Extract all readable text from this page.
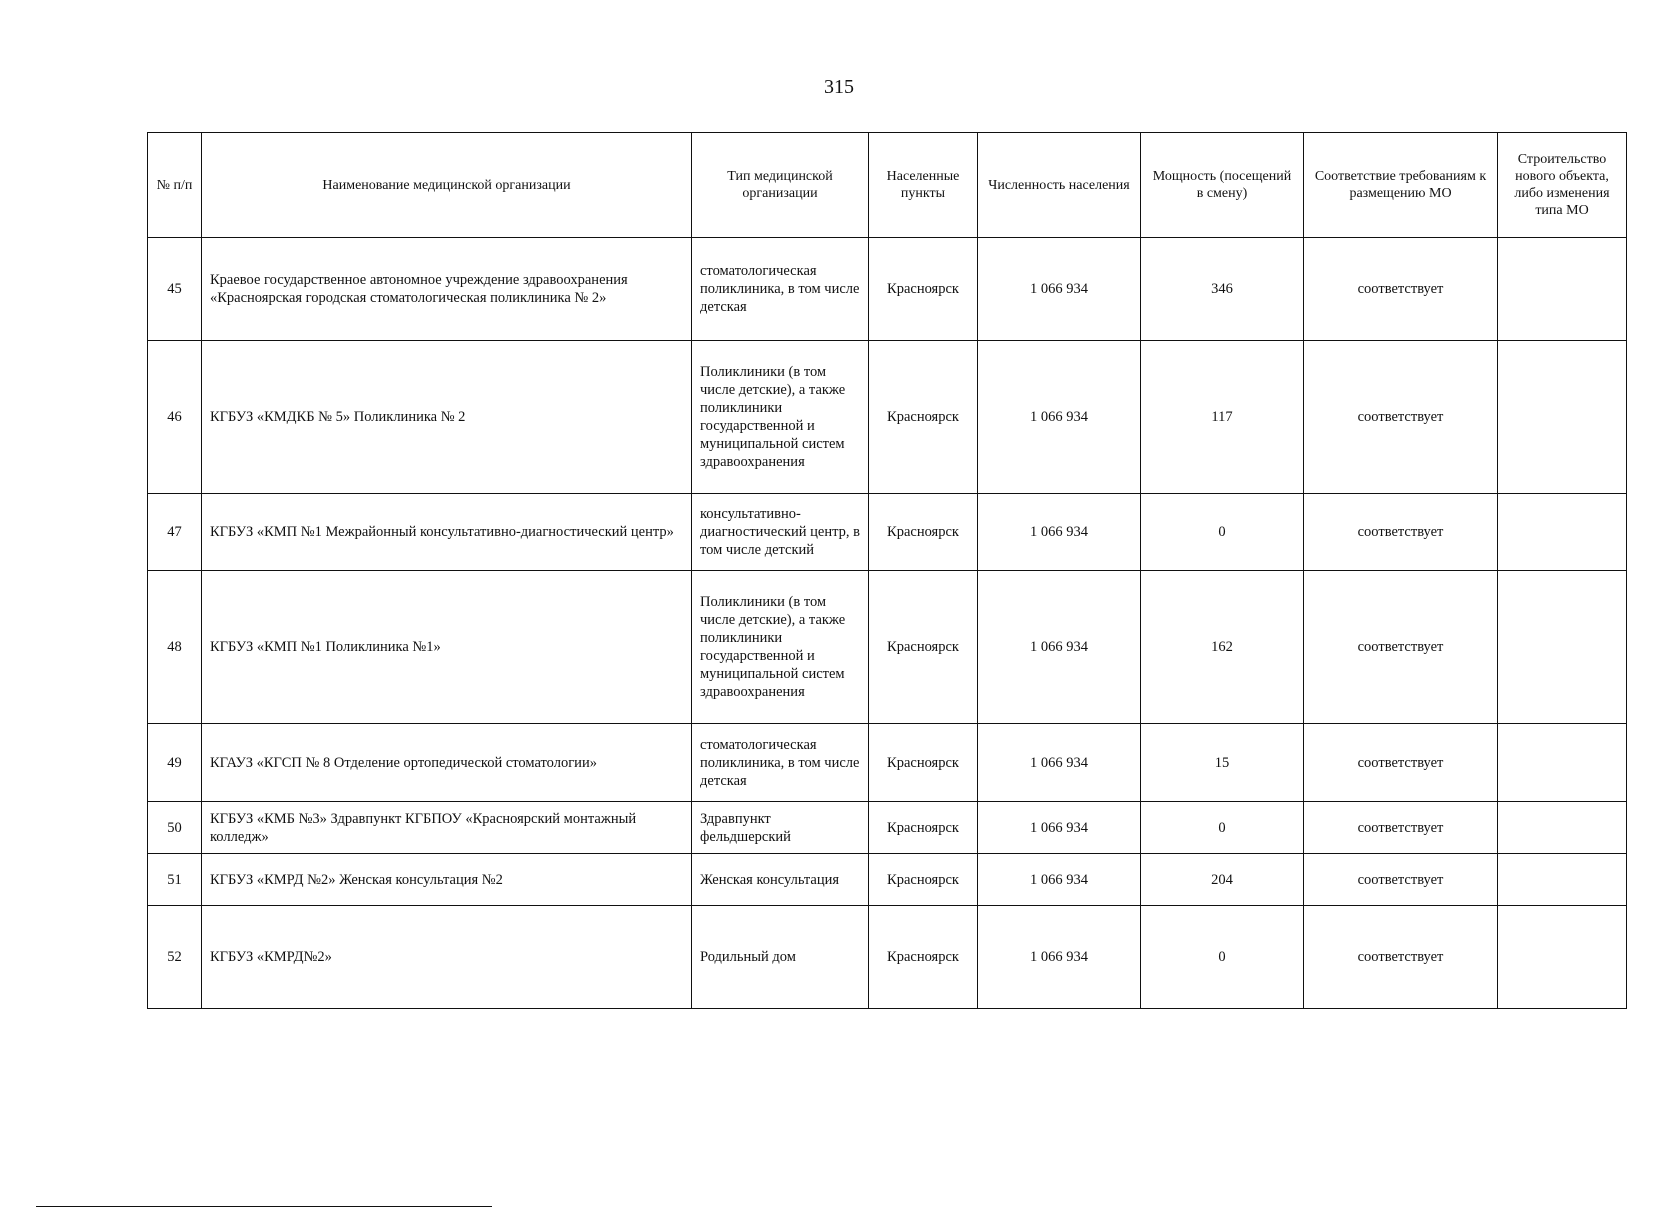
315
№ п/п	Наименование медицинской организации	Тип медицинской организации	Населенные пункты	Численность населения	Мощность (посещений в смену)	Соответствие требованиям к размещению МО	Строительство нового объекта, либо изменения типа МО
45	Краевое государственное автономное учреждение здравоохранения «Красноярская городская стоматологическая поликлиника № 2»	стоматологическая поликлиника, в том числе детская	Красноярск	1 066 934	346	соответствует	
46	КГБУЗ «КМДКБ № 5» Поликлиника № 2	Поликлиники (в том числе детские), а также поликлиники государственной и муниципальной систем здравоохранения	Красноярск	1 066 934	117	соответствует	
47	КГБУЗ «КМП №1 Межрайонный консультативно-диагностический центр»	консультативно-диагностический центр, в том числе детский	Красноярск	1 066 934	0	соответствует	
48	КГБУЗ «КМП №1 Поликлиника №1»	Поликлиники (в том числе детские), а также поликлиники государственной и муниципальной систем здравоохранения	Красноярск	1 066 934	162	соответствует	
49	КГАУЗ «КГСП № 8 Отделение ортопедической стоматологии»	стоматологическая поликлиника, в том числе детская	Красноярск	1 066 934	15	соответствует	
50	КГБУЗ «КМБ №3» Здравпункт КГБПОУ «Красноярский монтажный колледж»	Здравпункт фельдшерский	Красноярск	1 066 934	0	соответствует	
51	КГБУЗ «КМРД №2» Женская консультация №2	Женская консультация	Красноярск	1 066 934	204	соответствует	
52	КГБУЗ «КМРД№2»	Родильный дом	Красноярск	1 066 934	0	соответствует	
